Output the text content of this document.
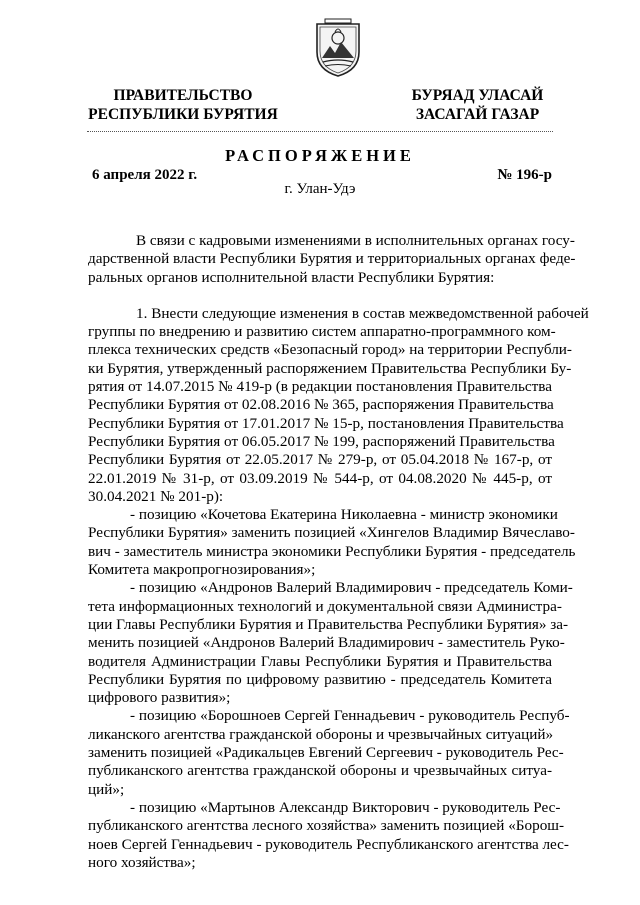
ПРАВИТЕЛЬСТВО
РЕСПУБЛИКИ БУРЯТИЯ
БУРЯАД УЛАСАЙ
ЗАСАГАЙ ГАЗАР
РАСПОРЯЖЕНИЕ
6 апреля 2022 г.	№ 196-р
г. Улан-Удэ

В связи с кадровыми изменениями в исполнительных органах госу-

дарственной власти Республики Бурятия и территориальных органах феде-
ральных органов исполнительной власти Республики Бурятия:

1. Внести следующие изменения в состав межведомственной рабочей

группы по внедрению и развитию систем аппаратно-программного ком-
плекса технических средств «Безопасный город» на территории Республи-
ки Бурятия, утвержденный распоряжением Правительства Республики Бу-
рятия от 14.07.2015 № 419-р (в редакции постановления Правительства
Республики Бурятия от 02.08.2016 № 365, распоряжения Правительства
Республики Бурятия от 17.01.2017 № 15-р, постановления Правительства
Республики Бурятия от 06.05.2017 № 199, распоряжений Правительства
Республики Бурятия от 22.05.2017 № 279-р, от 05.04.2018 № 167-р, от
22.01.2019 № 31-р, от 03.09.2019 № 544-р, от 04.08.2020 № 445-р, от
30.04.2021 № 201-р):

- позицию «Кочетова Екатерина Николаевна - министр экономики

Республики Бурятия» заменить позицией «Хингелов Владимир Вячеславо-
вич - заместитель министра экономики Республики Бурятия - председатель
Комитета макропрогнозирования»;

- позицию «Андронов Валерий Владимирович - председатель Коми-

тета информационных технологий и документальной связи Администра-
ции Главы Республики Бурятия и Правительства Республики Бурятия» за-
менить позицией «Андронов Валерий Владимирович - заместитель Руко-
водителя Администрации Главы Республики Бурятия и Правительства
Республики Бурятия по цифровому развитию - председатель Комитета
цифрового развития»;

- позицию «Борошноев Сергей Геннадьевич - руководитель Респуб-

ликанского агентства гражданской обороны и чрезвычайных ситуаций»
заменить позицией «Радикальцев Евгений Сергеевич - руководитель Рес-
публиканского агентства гражданской обороны и чрезвычайных ситуа-
ций»;

- позицию «Мартынов Александр Викторович - руководитель Рес-

публиканского агентства лесного хозяйства» заменить позицией «Борош-
ноев Сергей Геннадьевич - руководитель Республиканского агентства лес-
ного хозяйства»;
